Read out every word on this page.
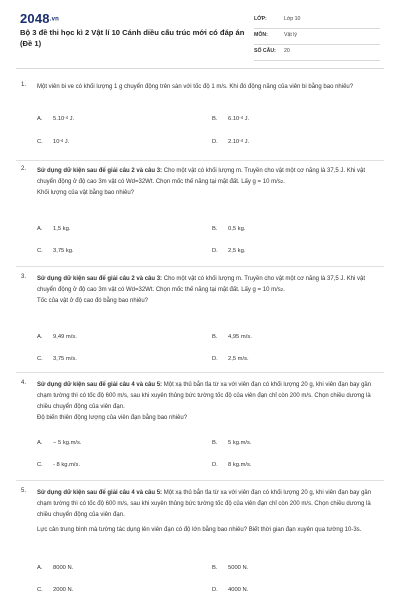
2048.vn
Bộ 3 đề thi học kì 2 Vật lí 10 Cánh diều cấu trúc mới có đáp án (Đề 1)
LỚP:	Lớp 10
MÔN:	Vật lý
SỐ CÂU: 20
1. Một viên bi ve có khối lượng 1 g chuyển động trên sàn với tốc độ 1 m/s. Khi đó động năng của viên bi bằng bao nhiêu?
A. $5.10^{-4}$ J.	B. $6.10^{-4}$ J.
C. $10^{-4}$ J.	D. $2.10^{-4}$ J.
2. Sử dụng dữ kiện sau để giải câu 2 và câu 3: Cho một vật có khối lượng m. Truyền cho vật một cơ năng là 37,5 J. Khi vật chuyển động ở độ cao 3m vật có Wd=32Wt. Chọn mốc thế năng tại mặt đất. Lấy g = 10 $m/s^2$.
Khối lượng của vật bằng bao nhiêu?
A. 1,5 kg.	B. 0,5 kg.
C. 3,75 kg.	D. 2,5 kg.
3. Sử dụng dữ kiện sau để giải câu 2 và câu 3: Cho một vật có khối lượng m. Truyền cho vật một cơ năng là 37,5 J. Khi vật chuyển động ở độ cao 3m vật có Wd=32Wt. Chọn mốc thế năng tại mặt đất. Lấy g = 10 $m/s^2$.
Tốc của vật ở độ cao đó bằng bao nhiêu?
A. 9,49 m/s.	B. 4,95 m/s.
C. 3,75 m/s.	D. 2,5 m/s.
4. Sử dụng dữ kiện sau để giải câu 4 và câu 5: Một xạ thủ bắn tỉa từ xa với viên đạn có khối lượng 20 g, khi viên đạn bay gần chạm tường thì có tốc độ 600 m/s, sau khi xuyên thủng bức tường tốc độ của viên đạn chỉ còn 200 m/s. Chọn chiều dương là chiều chuyển động của viên đạn.
Độ biến thiên động lượng của viên đạn bằng bao nhiêu?
A. − 5 kg.m/s.	B. 5 kg.m/s.
C. - 8 kg.m/s.	D. 8 kg.m/s.
5. Sử dụng dữ kiện sau để giải câu 4 và câu 5: Một xạ thủ bắn tỉa từ xa với viên đạn có khối lượng 20 g, khi viên đạn bay gần chạm tường thì có tốc độ 600 m/s, sau khi xuyên thủng bức tường tốc độ của viên đạn chỉ còn 200 m/s. Chọn chiều dương là chiều chuyển động của viên đạn.
Lực cản trung bình mà tường tác dụng lên viên đạn có độ lớn bằng bao nhiêu? Biết thời gian đạn xuyên qua tường 10-3s.
A. 8000 N.	B. 5000 N.
C. 2000 N.	D. 4000 N.
